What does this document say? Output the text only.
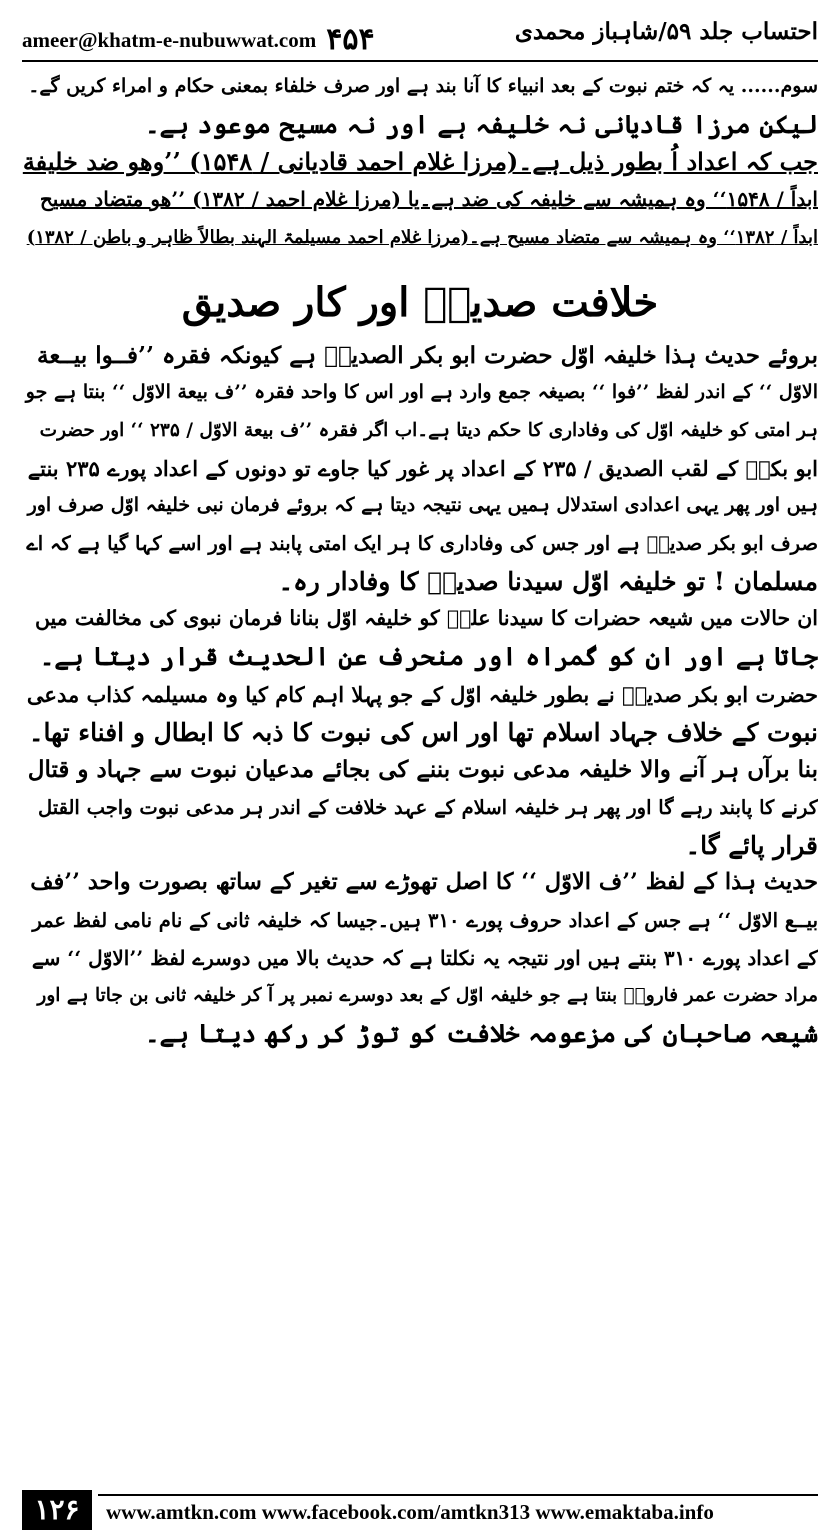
ameer@khatm-e-nubuwwat.com ۴۵۴	احتساب جلد ۵۹/شاہباز محمدی
سوم...... یہ کہ ختم نبوت کے بعد انبیاء کا آنا بند ہے اور صرف خلفاء بمعنی حکام و امراء کریں گے۔
لیکن مرزا قادیانی نہ خلیفہ ہے اور نہ مسیح موعود ہے۔
جب کہ اعداد اُ بطور ذیل ہے۔(مرزا غلام احمد قادیانی / ۱۵۴۸) ’’وھو ضد خلیفة
ابداً / ۱۵۴۸‘‘ وہ ہمیشہ سے خلیفہ کی ضد ہے۔یا (مرزا غلام احمد / ۱۳۸۲) ’’ھو متضاد مسیح
ابداً / ۱۳۸۲‘‘ وہ ہمیشہ سے متضاد مسیح ہے۔(مرزا غلام احمد مسیلمۃ الہند بطالاً ظاہر و باطن / ۱۳۸۲)
خلافت صدیقؓ اور کار صدیق
بروئے حدیث ہذا خلیفہ اوّل حضرت ابو بکر الصدیقؓ ہے کیونکہ فقرہ ’’فــوا بیــعة
الاوّل ‘‘ کے اندر لفظ ’’فوا ‘‘ بصیغہ جمع وارد ہے اور اس کا واحد فقرہ ’’ف بیعة الاوّل ‘‘ بنتا ہے جو
ہر امتی کو خلیفہ اوّل کی وفاداری کا حکم دیتا ہے۔اب اگر فقرہ ’’ف بیعة الاوّل / ۲۳۵ ‘‘ اور حضرت
ابو بکرؓ کے لقب الصدیق / ۲۳۵ کے اعداد پر غور کیا جاوے تو دونوں کے اعداد پورے ۲۳۵ بنتے
ہیں اور پھر یہی اعدادی استدلال ہمیں یہی نتیجہ دیتا ہے کہ بروئے فرمان نبی خلیفہ اوّل صرف اور
صرف ابو بکر صدیقؓ ہے اور جس کی وفاداری کا ہر ایک امتی پابند ہے اور اسے کہا گیا ہے کہ اے
مسلمان ! تو خلیفہ اوّل سیدنا صدیقؓ کا وفادار رہ۔
ان حالات میں شیعہ حضرات کا سیدنا علیؓ کو خلیفہ اوّل بنانا فرمان نبوی کی مخالفت میں
جاتا ہے اور ان کو گمراہ اور منحرف عن الحدیث قرار دیتا ہے۔
حضرت ابو بکر صدیقؓ نے بطور خلیفہ اوّل کے جو پہلا اہم کام کیا وہ مسیلمہ کذاب مدعی
نبوت کے خلاف جہاد اسلام تھا اور اس کی نبوت کا ذبہ کا ابطال و افناء تھا۔
بنا برآں ہر آنے والا خلیفہ مدعی نبوت بننے کی بجائے مدعیان نبوت سے جہاد و قتال
کرنے کا پابند رہے گا اور پھر ہر خلیفہ اسلام کے عہد خلافت کے اندر ہر مدعی نبوت واجب القتل
قرار پائے گا۔
حدیث ہذا کے لفظ ’’ف الاوّل ‘‘ کا اصل تھوڑے سے تغیر کے ساتھ بصورت واحد ’’فف
بیــع الاوّل ‘‘ ہے جس کے اعداد حروف پورے ۳۱۰ ہیں۔جیسا کہ خلیفہ ثانی کے نام نامی لفظ عمر
کے اعداد پورے ۳۱۰ بنتے ہیں اور نتیجہ یہ نکلتا ہے کہ حدیث بالا میں دوسرے لفظ ’’الاوّل ‘‘ سے
مراد حضرت عمر فاروقؓ بنتا ہے جو خلیفہ اوّل کے بعد دوسرے نمبر پر آ کر خلیفہ ثانی بن جاتا ہے اور
شیعہ صاحبان کی مزعومہ خلافت کو توڑ کر رکھ دیتا ہے۔
۱۲۶	www.amtkn.com www.facebook.com/amtkn313 www.emaktaba.info
